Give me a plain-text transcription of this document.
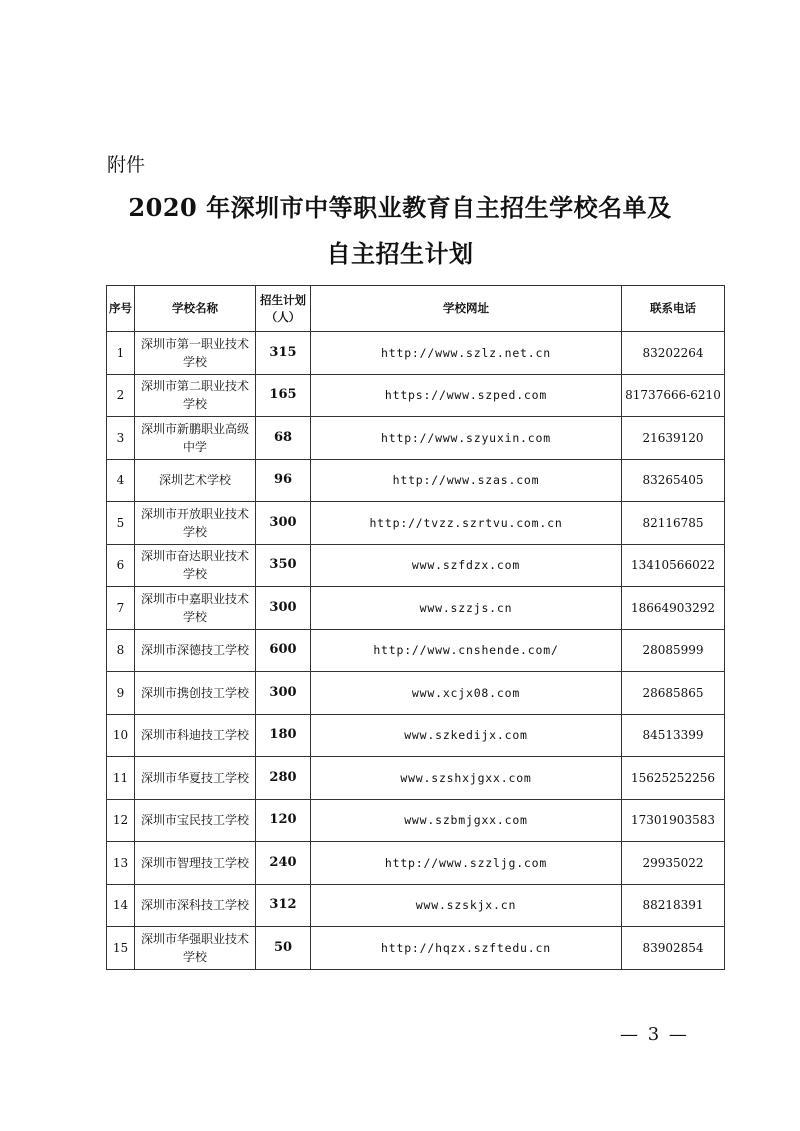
附件
2020 年深圳市中等职业教育自主招生学校名单及
自主招生计划
序号	学校名称	招生计划（人）	学校网址	联系电话
1	深圳市第一职业技术学校	315	http://www.szlz.net.cn	83202264
2	深圳市第二职业技术学校	165	https://www.szped.com	81737666-6210
3	深圳市新鹏职业高级中学	68	http://www.szyuxin.com	21639120
4	深圳艺术学校	96	http://www.szas.com	83265405
5	深圳市开放职业技术学校	300	http://tvzz.szrtvu.com.cn	82116785
6	深圳市奋达职业技术学校	350	www.szfdzx.com	13410566022
7	深圳市中嘉职业技术学校	300	www.szzjs.cn	18664903292
8	深圳市深德技工学校	600	http://www.cnshende.com/	28085999
9	深圳市携创技工学校	300	www.xcjx08.com	28685865
10	深圳市科迪技工学校	180	www.szkedijx.com	84513399
11	深圳市华夏技工学校	280	www.szshxjgxx.com	15625252256
12	深圳市宝民技工学校	120	www.szbmjgxx.com	17301903583
13	深圳市智理技工学校	240	http://www.szzljg.com	29935022
14	深圳市深科技工学校	312	www.szskjx.cn	88218391
15	深圳市华强职业技术学校	50	http://hqzx.szftedu.cn	83902854
— 3 —
